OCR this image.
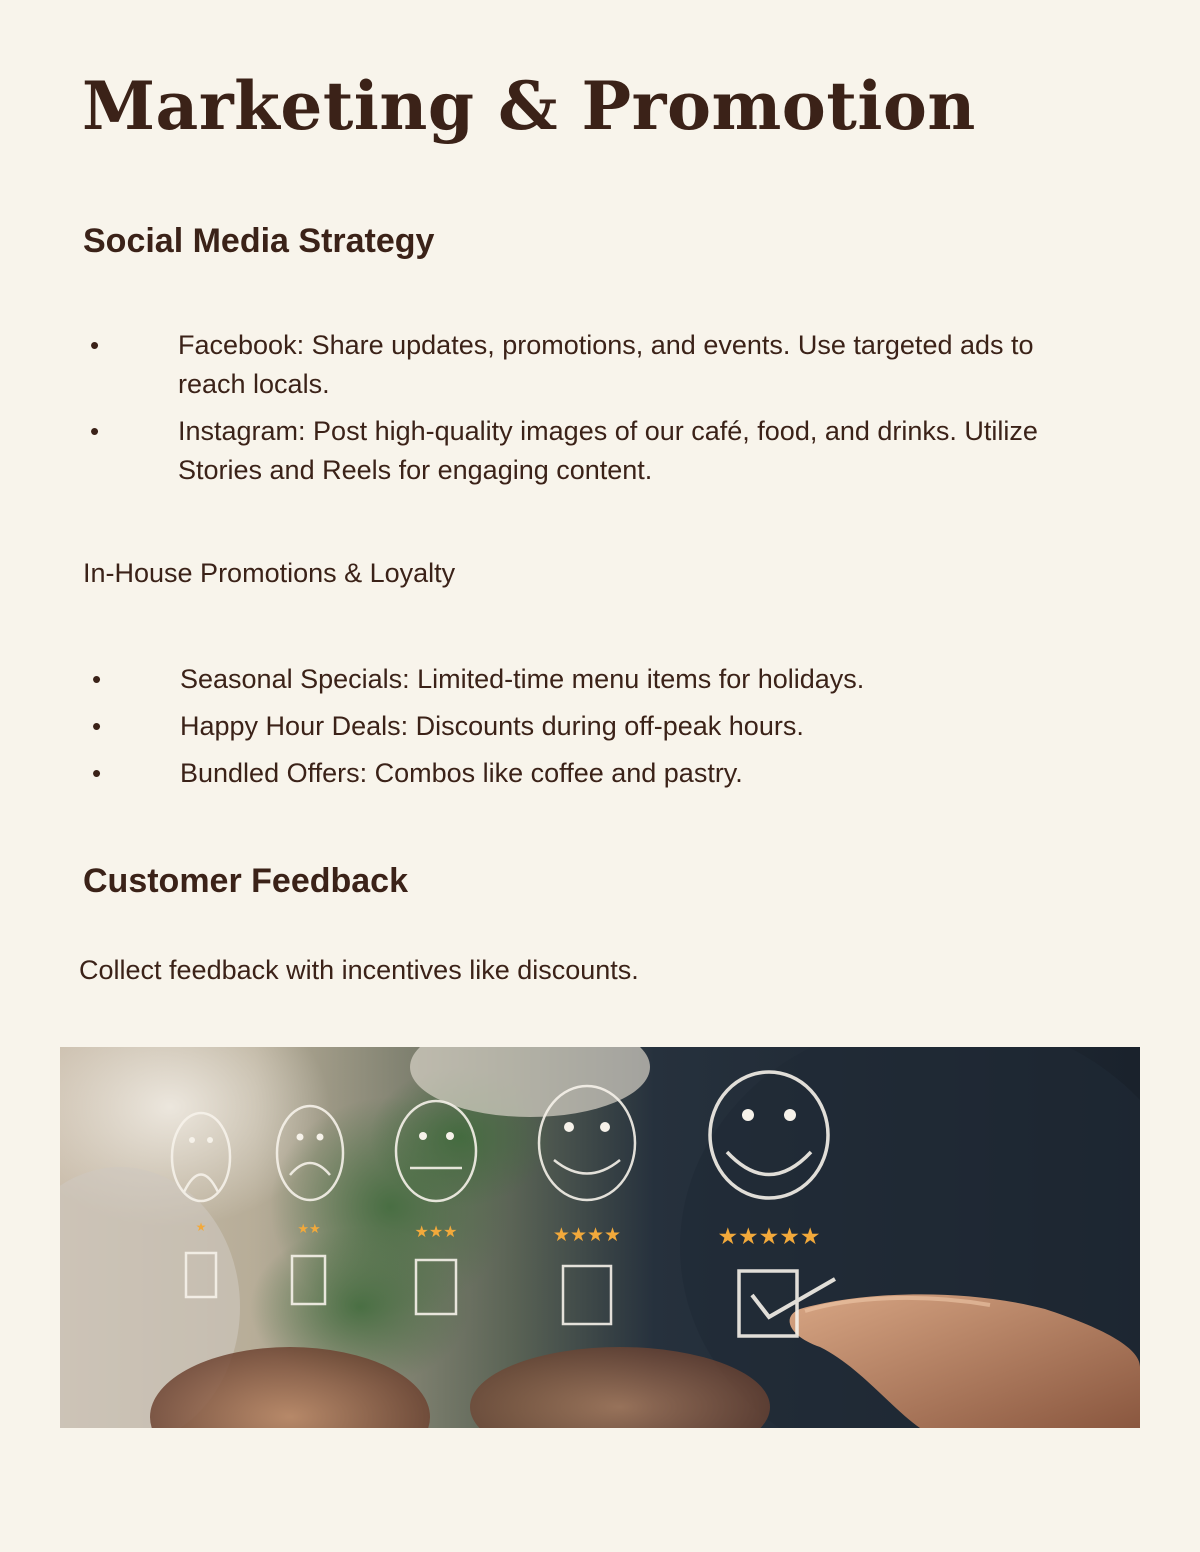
Marketing & Promotion
Social Media Strategy
•	Facebook: Share updates, promotions, and events. Use targeted ads to reach locals.
•	Instagram: Post high-quality images of our café, food, and drinks. Utilize Stories and Reels for engaging content.

In-House Promotions & Loyalty

•	Seasonal Specials: Limited-time menu items for holidays.
•	Happy Hour Deals: Discounts during off-peak hours.
•	Bundled Offers: Combos like coffee and pastry.
Customer Feedback

Collect feedback with incentives like discounts.

★	★★	★★★	★★★★	★★★★★
